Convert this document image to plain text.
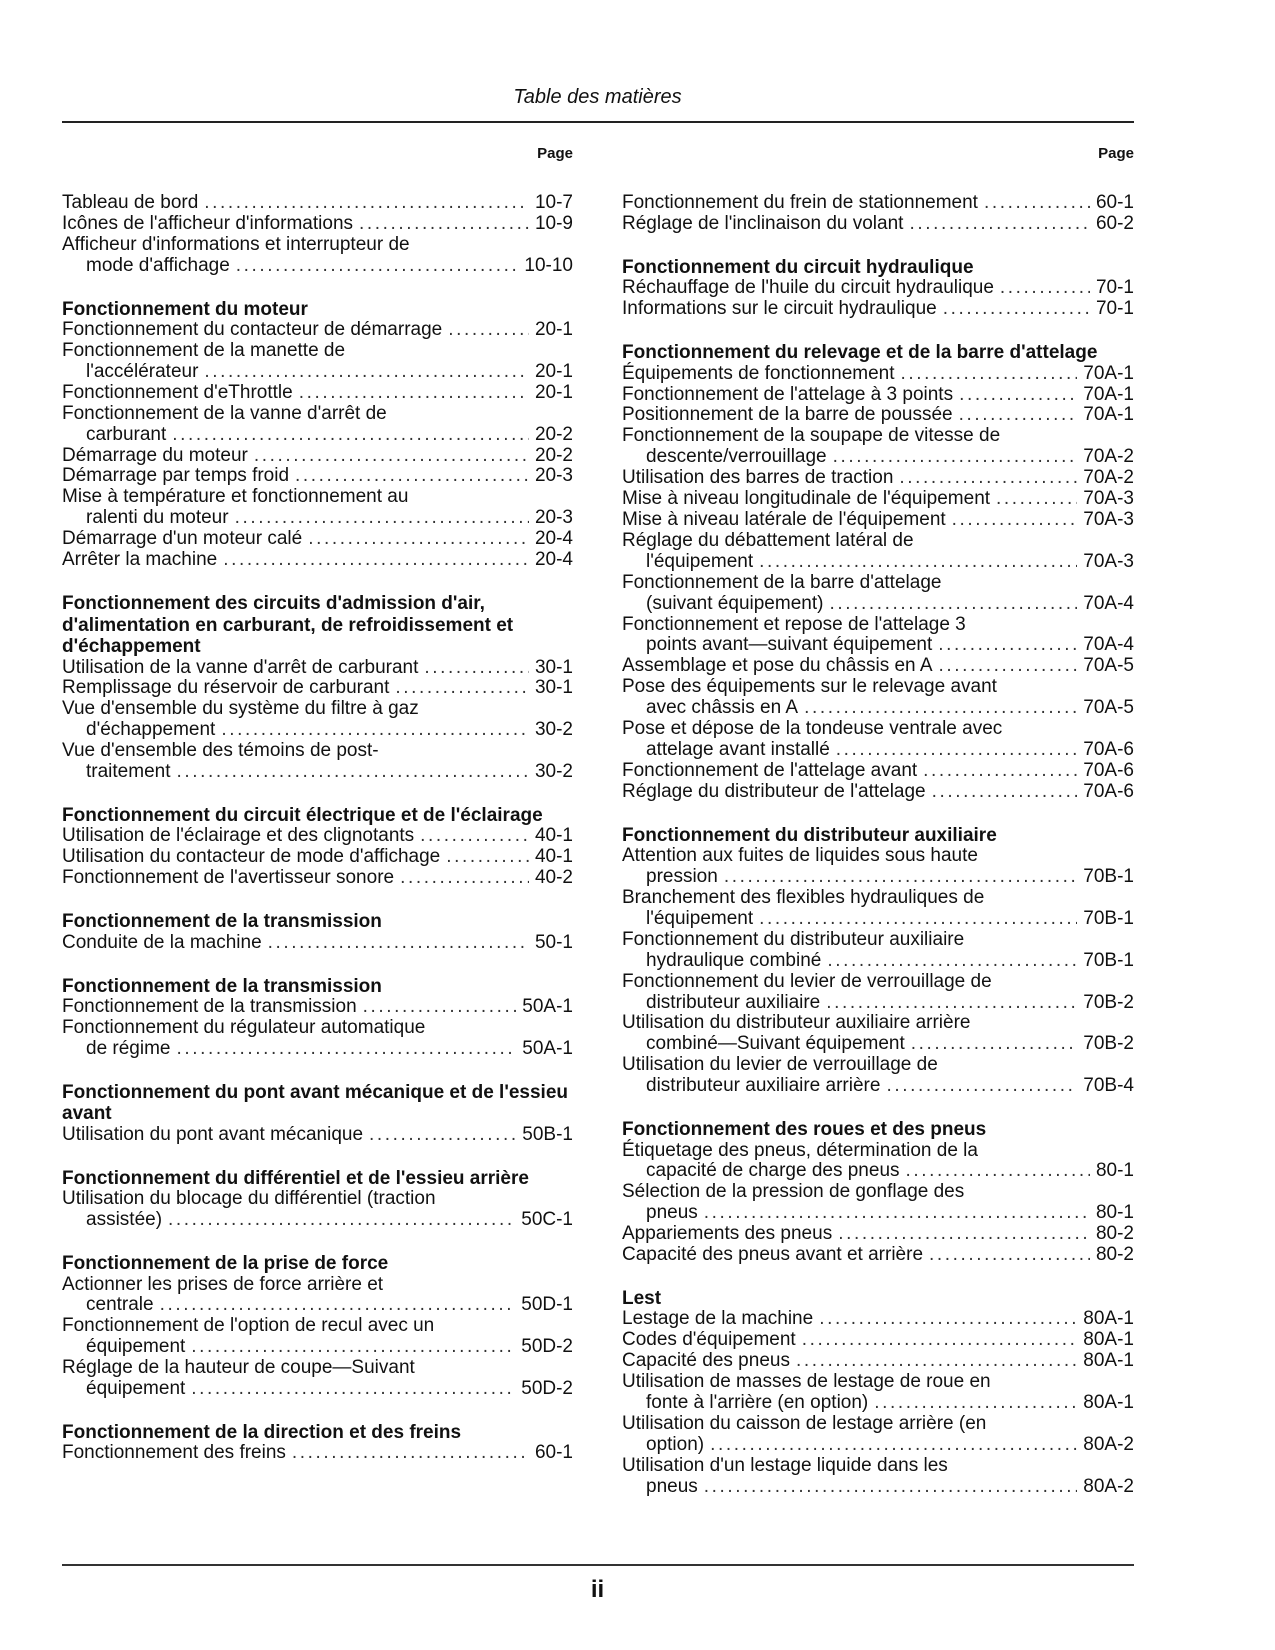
Table des matières
Page
Tableau de bord .....	10-7
Icônes de l'afficheur d'informations .....	10-9
Afficheur d'informations et interrupteur de
mode d'affichage .....	10-10
Fonctionnement du moteur
Fonctionnement du contacteur de démarrage .....	20-1
Fonctionnement de la manette de
l'accélérateur .....	20-1
Fonctionnement d'eThrottle .....	20-1
Fonctionnement de la vanne d'arrêt de
carburant .....	20-2
Démarrage du moteur .....	20-2
Démarrage par temps froid .....	20-3
Mise à température et fonctionnement au
ralenti du moteur .....	20-3
Démarrage d'un moteur calé .....	20-4
Arrêter la machine .....	20-4
Fonctionnement des circuits d'admission d'air, d'alimentation en carburant, de refroidissement et d'échappement
Utilisation de la vanne d'arrêt de carburant .....	30-1
Remplissage du réservoir de carburant .....	30-1
Vue d'ensemble du système du filtre à gaz
d'échappement .....	30-2
Vue d'ensemble des témoins de post-
traitement .....	30-2
Fonctionnement du circuit électrique et de l'éclairage
Utilisation de l'éclairage et des clignotants .....	40-1
Utilisation du contacteur de mode d'affichage .....	40-1
Fonctionnement de l'avertisseur sonore .....	40-2
Fonctionnement de la transmission
Conduite de la machine .....	50-1
Fonctionnement de la transmission
Fonctionnement de la transmission .....	50A-1
Fonctionnement du régulateur automatique
de régime .....	50A-1
Fonctionnement du pont avant mécanique et de l'essieu avant
Utilisation du pont avant mécanique .....	50B-1
Fonctionnement du différentiel et de l'essieu arrière
Utilisation du blocage du différentiel (traction
assistée) .....	50C-1
Fonctionnement de la prise de force
Actionner les prises de force arrière et
centrale .....	50D-1
Fonctionnement de l'option de recul avec un
équipement .....	50D-2
Réglage de la hauteur de coupe—Suivant
équipement .....	50D-2
Fonctionnement de la direction et des freins
Fonctionnement des freins .....	60-1
Page
Fonctionnement du frein de stationnement .....	60-1
Réglage de l'inclinaison du volant .....	60-2
Fonctionnement du circuit hydraulique
Réchauffage de l'huile du circuit hydraulique .....	70-1
Informations sur le circuit hydraulique .....	70-1
Fonctionnement du relevage et de la barre d'attelage
Équipements de fonctionnement .....	70A-1
Fonctionnement de l'attelage à 3 points .....	70A-1
Positionnement de la barre de poussée .....	70A-1
Fonctionnement de la soupape de vitesse de
descente/verrouillage .....	70A-2
Utilisation des barres de traction .....	70A-2
Mise à niveau longitudinale de l'équipement .....	70A-3
Mise à niveau latérale de l'équipement .....	70A-3
Réglage du débattement latéral de
l'équipement .....	70A-3
Fonctionnement de la barre d'attelage
(suivant équipement) .....	70A-4
Fonctionnement et repose de l'attelage 3
points avant—suivant équipement .....	70A-4
Assemblage et pose du châssis en A .....	70A-5
Pose des équipements sur le relevage avant
avec châssis en A .....	70A-5
Pose et dépose de la tondeuse ventrale avec
attelage avant installé .....	70A-6
Fonctionnement de l'attelage avant .....	70A-6
Réglage du distributeur de l'attelage .....	70A-6
Fonctionnement du distributeur auxiliaire
Attention aux fuites de liquides sous haute
pression .....	70B-1
Branchement des flexibles hydrauliques de
l'équipement .....	70B-1
Fonctionnement du distributeur auxiliaire
hydraulique combiné .....	70B-1
Fonctionnement du levier de verrouillage de
distributeur auxiliaire .....	70B-2
Utilisation du distributeur auxiliaire arrière
combiné—Suivant équipement .....	70B-2
Utilisation du levier de verrouillage de
distributeur auxiliaire arrière .....	70B-4
Fonctionnement des roues et des pneus
Étiquetage des pneus, détermination de la
capacité de charge des pneus .....	80-1
Sélection de la pression de gonflage des
pneus .....	80-1
Appariements des pneus .....	80-2
Capacité des pneus avant et arrière .....	80-2
Lest
Lestage de la machine .....	80A-1
Codes d'équipement .....	80A-1
Capacité des pneus .....	80A-1
Utilisation de masses de lestage de roue en
fonte à l'arrière (en option) .....	80A-1
Utilisation du caisson de lestage arrière (en
option) .....	80A-2
Utilisation d'un lestage liquide dans les
pneus .....	80A-2
ii
